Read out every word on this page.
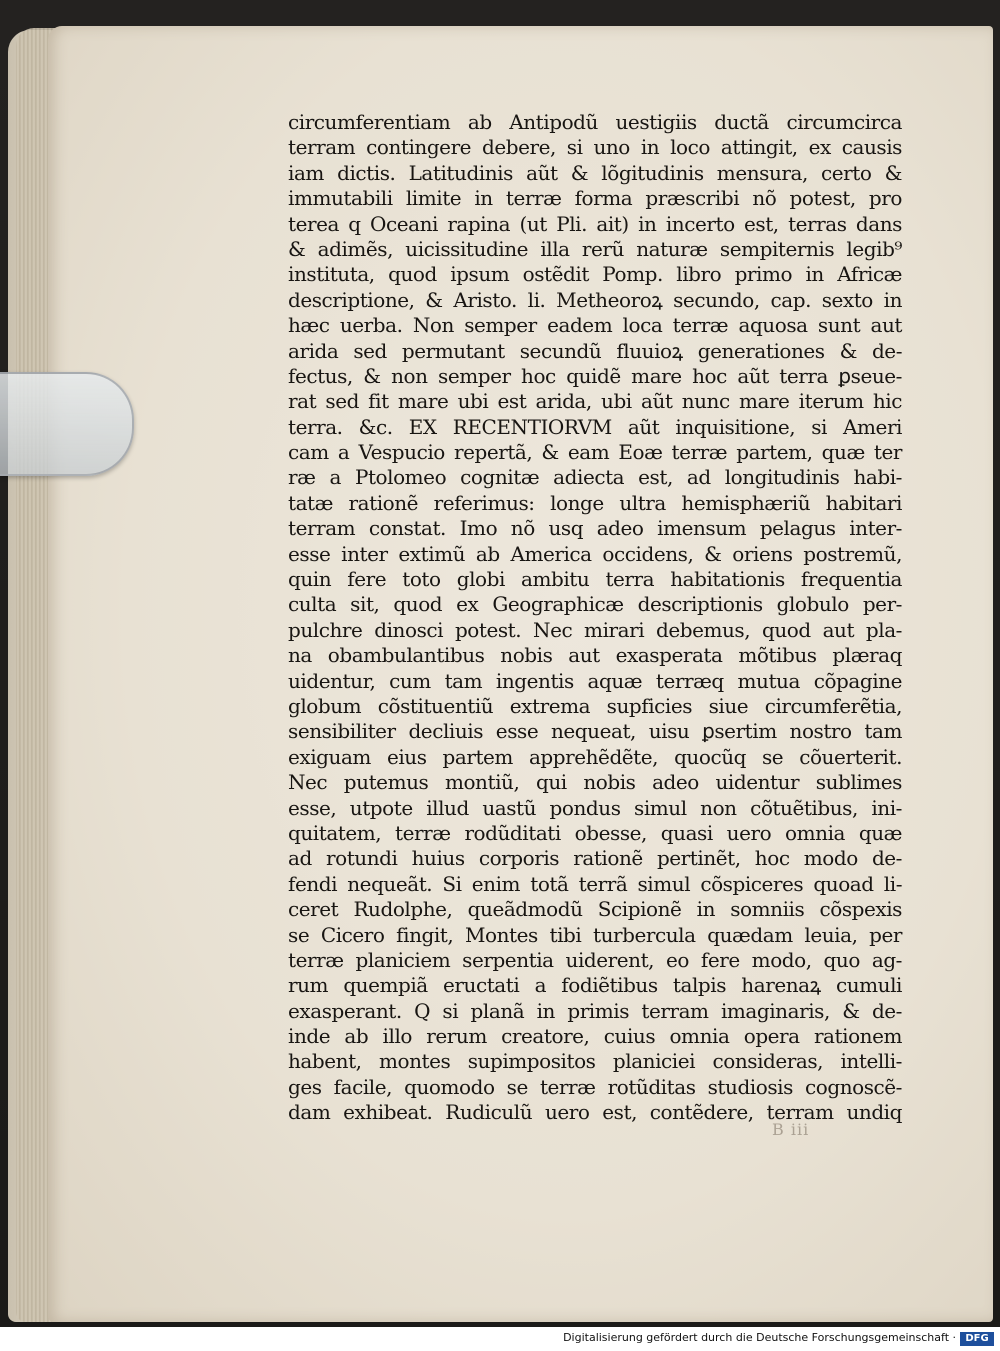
circumferentiam ab Antipodũ uestigiis ductã circumcirca
terram contingere debere, si uno in loco attingit, ex causis
iam dictis. Latitudinis aũt & lõgitudinis mensura, certo &
immutabili limite in terræ forma præscribi nõ potest, pro
terea q Oceani rapina (ut Pli. ait) in incerto est, terras dans
& adimẽs, uicissitudine illa rerũ naturæ sempiternis legib⁹
instituta, quod ipsum ostẽdit Pomp. libro primo in Africæ
descriptione, & Aristo. li. Metheoroꝝ secundo, cap. sexto in
hæc uerba. Non semper eadem loca terræ aquosa sunt aut
arida sed permutant secundũ fluuioꝝ generationes & de-
fectus, & non semper hoc quidẽ mare hoc aũt terra ꝑseue-
rat sed fit mare ubi est arida, ubi aũt nunc mare iterum hic
terra. &c. EX RECENTIORVM aũt inquisitione, si Ameri
cam a Vespucio repertã, & eam Eoæ terræ partem, quæ ter
ræ a Ptolomeo cognitæ adiecta est, ad longitudinis habi-
tatæ rationẽ referimus: longe ultra hemisphæriũ habitari
terram constat. Imo nõ usq adeo imensum pelagus inter-
esse inter extimũ ab America occidens, & oriens postremũ,
quin fere toto globi ambitu terra habitationis frequentia
culta sit, quod ex Geographicæ descriptionis globulo per-
pulchre dinosci potest. Nec mirari debemus, quod aut pla-
na obambulantibus nobis aut exasperata mõtibus plæraq
uidentur, cum tam ingentis aquæ terræq mutua cõpagine
globum cõstituentiũ extrema supficies siue circumferẽtia,
sensibiliter decliuis esse nequeat, uisu ꝑsertim nostro tam
exiguam eius partem apprehẽdẽte, quocũq se cõuerterit.
Nec putemus montiũ, qui nobis adeo uidentur sublimes
esse, utpote illud uastũ pondus simul non cõtuẽtibus, ini-
quitatem, terræ rodũditati obesse, quasi uero omnia quæ
ad rotundi huius corporis rationẽ pertinẽt, hoc modo de-
fendi nequeãt. Si enim totã terrã simul cõspiceres quoad li-
ceret Rudolphe, queãdmodũ Scipionẽ in somniis cõspexis
se Cicero fingit, Montes tibi turbercula quædam leuia, per
terræ planiciem serpentia uiderent, eo fere modo, quo ag-
rum quempiã eructati a fodiẽtibus talpis harenaꝝ cumuli
exasperant. Q si planã in primis terram imaginaris, & de-
inde ab illo rerum creatore, cuius omnia opera rationem
habent, montes supimpositos planiciei consideras, intelli-
ges facile, quomodo se terræ rotũditas studiosis cognoscẽ-
dam exhibeat. Rudiculũ uero est, contẽdere, terram undiq
B iii
Digitalisierung gefördert durch die Deutsche Forschungsgemeinschaft · DFG
